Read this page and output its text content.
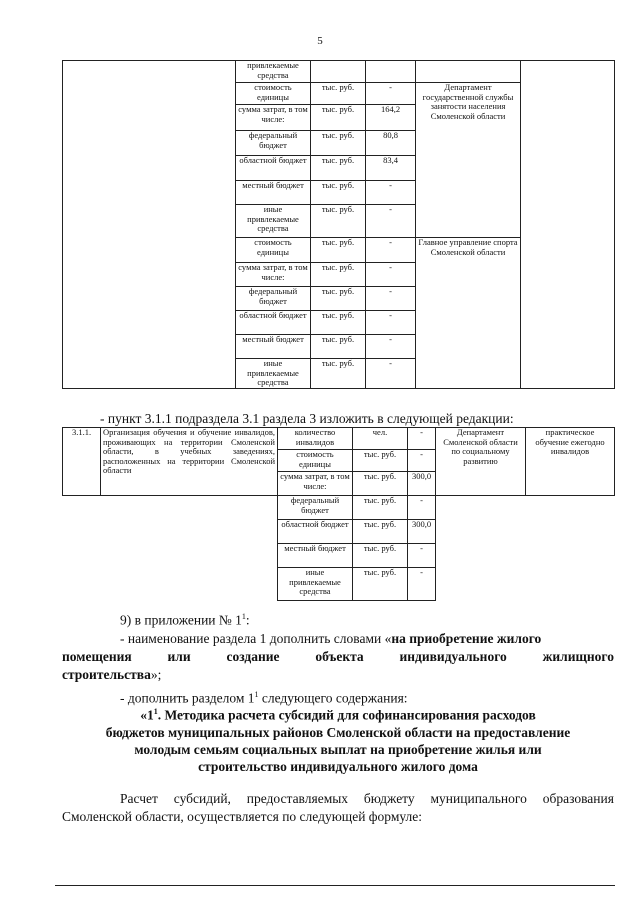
5
	привлекаемые средства				
	стоимость единицы	тыс. руб.	-	Департамент государственной службы занятости населения Смоленской области	
	сумма затрат, в том числе:	тыс. руб.	164,2		
	федеральный бюджет	тыс. руб.	80,8		
	областной бюджет	тыс. руб.	83,4		
	местный бюджет	тыс. руб.	-		
	иные привлекаемые средства	тыс. руб.	-		
	стоимость единицы	тыс. руб.	-	Главное управление спорта Смоленской области	
	сумма затрат, в том числе:	тыс. руб.	-		
	федеральный бюджет	тыс. руб.	-		
	областной бюджет	тыс. руб.	-		
	местный бюджет	тыс. руб.	-		
	иные привлекаемые средства	тыс. руб.	-		
- пункт 3.1.1 подраздела 3.1 раздела 3 изложить в следующей редакции:
3.1.1.	Организация обучения и обучение инвалидов, проживающих на территории Смоленской области, в учебных заведениях, расположенных на территории Смоленской области	количество инвалидов	чел.	-	Департамент Смоленской области по социальному развитию	практическое обучение ежегодно инвалидов
		стоимость единицы	тыс. руб.	-		
		сумма затрат, в том числе:	тыс. руб.	300,0		
		федеральный бюджет	тыс. руб.	-		
		областной бюджет	тыс. руб.	300,0		
		местный бюджет	тыс. руб.	-		
		иные привлекаемые средства	тыс. руб.	-		
9) в приложении № $1^1$:
- наименование раздела 1 дополнить словами «на приобретение жилого
помещения	или	создание	объекта	индивидуального	жилищного
строительства»;
- дополнить разделом $1^1$ следующего содержания:
«$1^1$. Методика расчета субсидий для софинансирования расходов
бюджетов муниципальных районов Смоленской области на предоставление
молодым семьям социальных выплат на приобретение жилья или
строительство индивидуального жилого дома
Расчет субсидий, предоставляемых бюджету муниципального образования
Смоленской области, осуществляется по следующей формуле:
